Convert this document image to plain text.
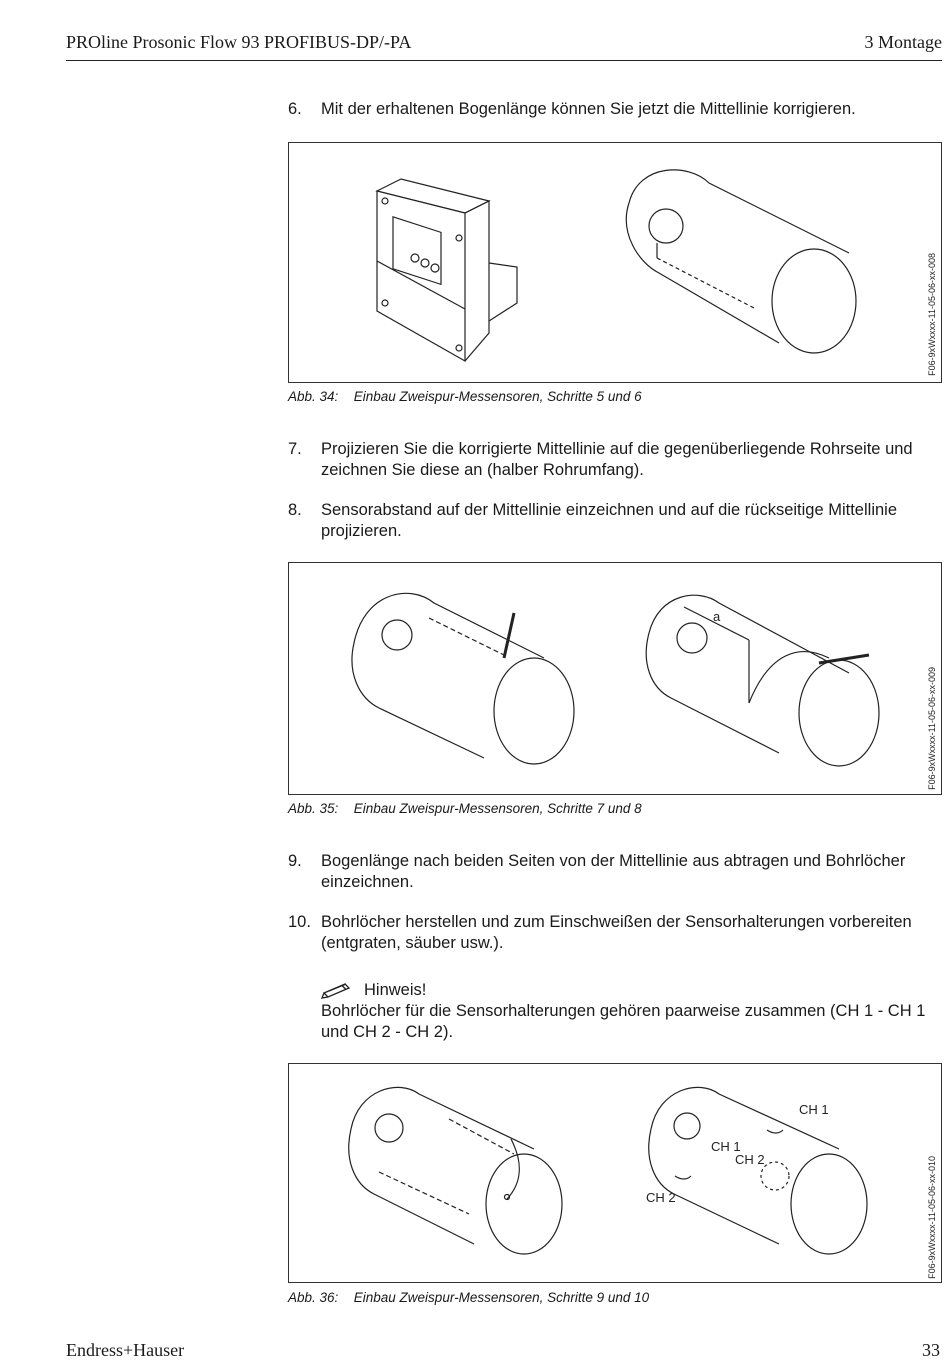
PROline Prosonic Flow 93 PROFIBUS-DP/-PA	3 Montage
6. Mit der erhaltenen Bogenlänge können Sie jetzt die Mittellinie korrigieren.
F06-9xWxxxx-11-05-06-xx-008
Abb. 34: Einbau Zweispur-Messensoren, Schritte 5 und 6
7. Projizieren Sie die korrigierte Mittellinie auf die gegenüberliegende Rohrseite und zeichnen Sie diese an (halber Rohrumfang).
8. Sensorabstand auf der Mittellinie einzeichnen und auf die rückseitige Mittellinie projizieren.
a
F06-9xWxxxx-11-05-06-xx-009
Abb. 35: Einbau Zweispur-Messensoren, Schritte 7 und 8
9. Bogenlänge nach beiden Seiten von der Mittellinie aus abtragen und Bohrlöcher einzeichnen.
10. Bohrlöcher herstellen und zum Einschweißen der Sensorhalterungen vorbereiten (entgraten, säuber usw.).
Hinweis!
Bohrlöcher für die Sensorhalterungen gehören paarweise zusammen (CH 1 - CH 1 und CH 2 - CH 2).
CH 1
CH 1
CH 2
CH 2	F06-9xWxxxx-11-05-06-xx-010
Abb. 36: Einbau Zweispur-Messensoren, Schritte 9 und 10
Endress+Hauser	33
